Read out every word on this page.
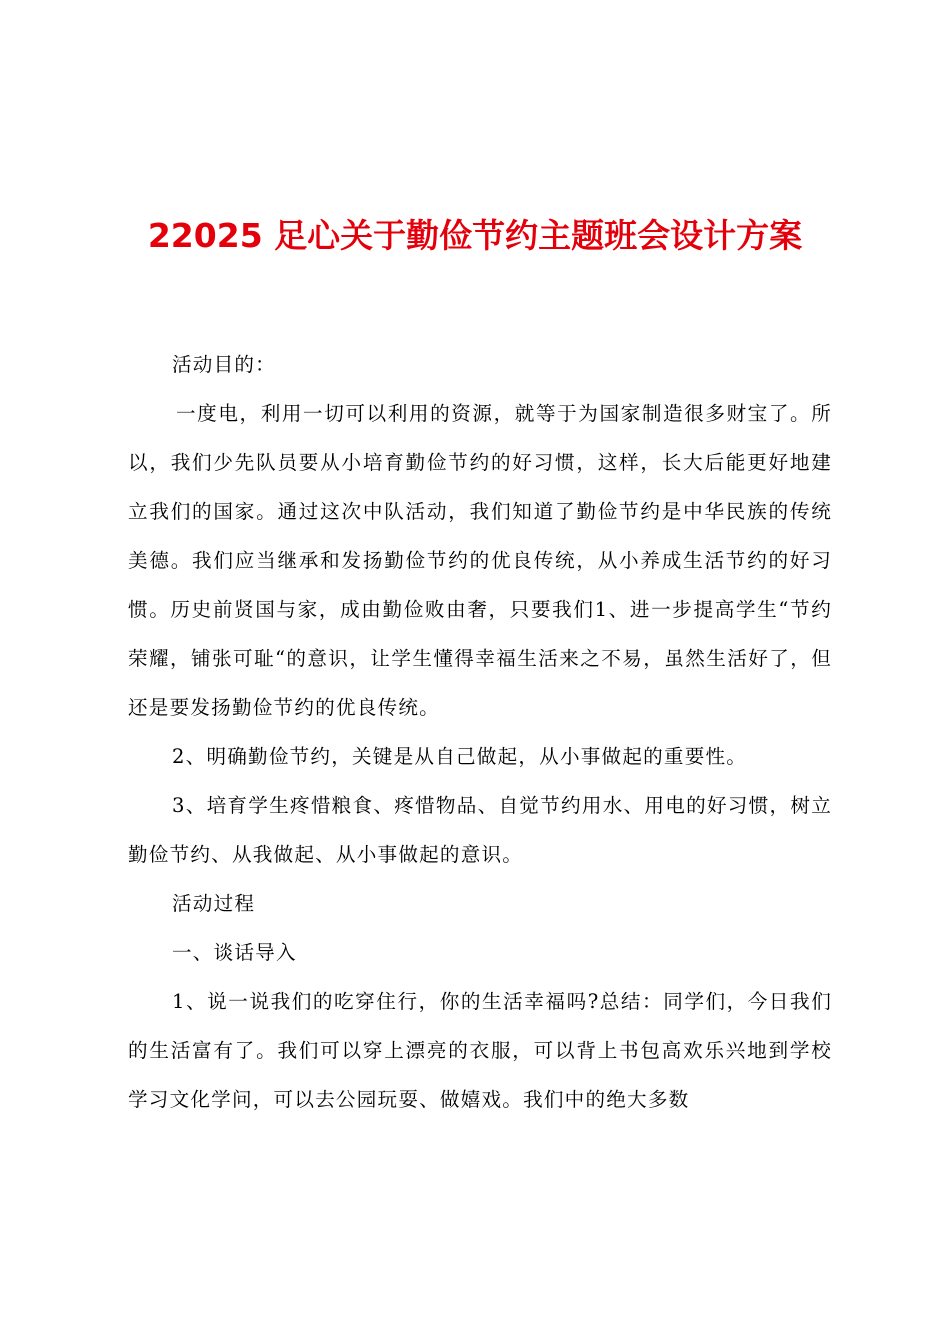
22025 足心关于勤俭节约主题班会设计方案

活动目的：

一度电，利用一切可以利用的资源，就等于为国家制造很多财宝了。所以，我们少先队员要从小培育勤俭节约的好习惯，这样，长大后能更好地建立我们的国家。通过这次中队活动，我们知道了勤俭节约是中华民族的传统美德。我们应当继承和发扬勤俭节约的优良传统，从小养成生活节约的好习惯。历史前贤国与家，成由勤俭败由奢，只要我们1、进一步提高学生“节约荣耀，铺张可耻“的意识，让学生懂得幸福生活来之不易，虽然生活好了，但还是要发扬勤俭节约的优良传统。

2、明确勤俭节约，关键是从自己做起，从小事做起的重要性。

3、培育学生疼惜粮食、疼惜物品、自觉节约用水、用电的好习惯，树立勤俭节约、从我做起、从小事做起的意识。

活动过程

一、谈话导入

1、说一说我们的吃穿住行，你的生活幸福吗?总结：同学们，今日我们的生活富有了。我们可以穿上漂亮的衣服，可以背上书包高欢乐兴地到学校学习文化学问，可以去公园玩耍、做嬉戏。我们中的绝大多数
